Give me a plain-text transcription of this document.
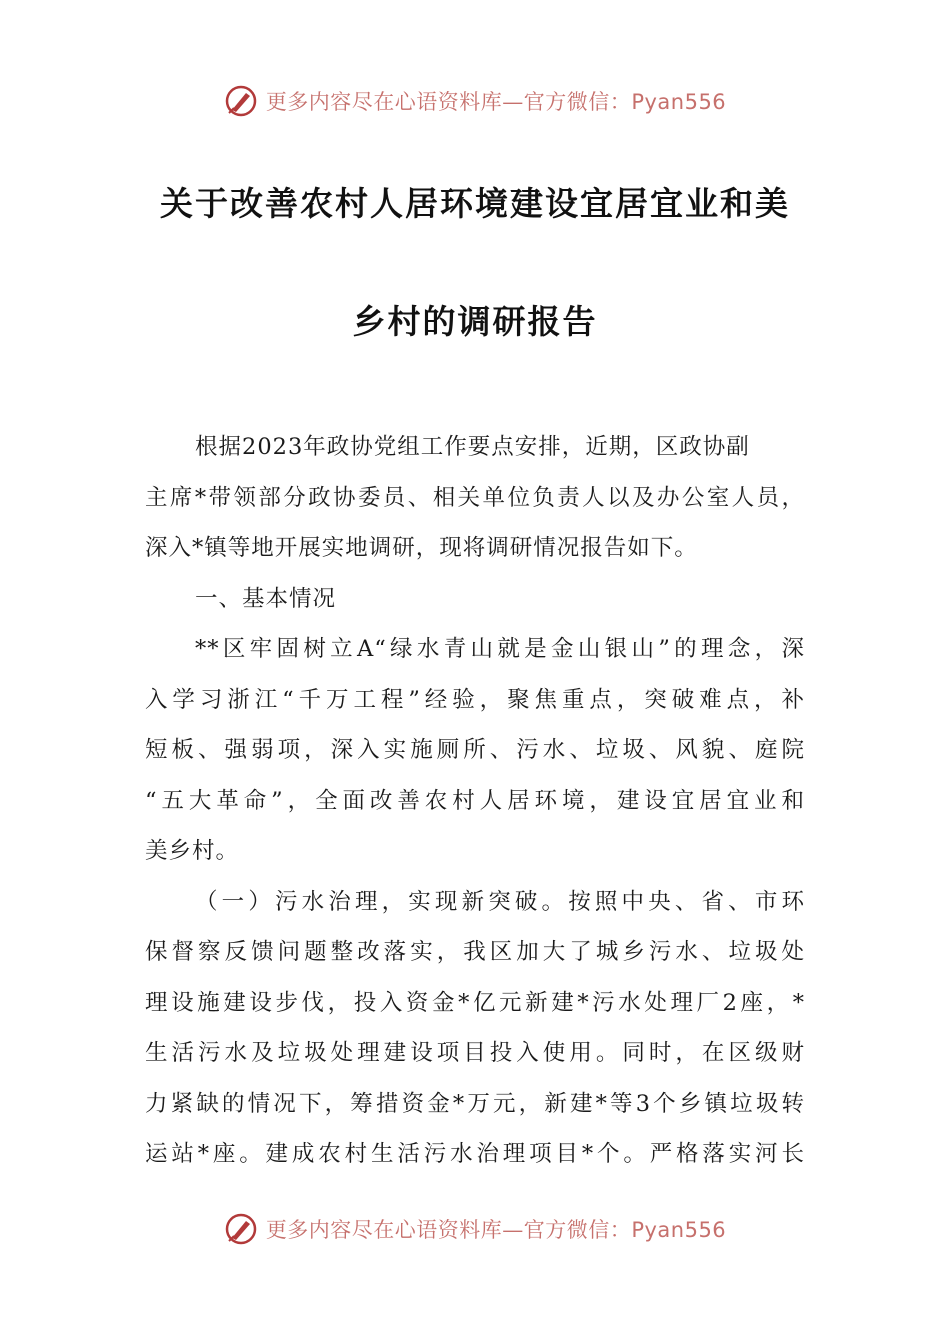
更多内容尽在心语资料库—官方微信：Pyan556
关于改善农村人居环境建设宜居宜业和美
乡村的调研报告
根据2023年政协党组工作要点安排，近期，区政协副
主席*带领部分政协委员、相关单位负责人以及办公室人员，
深入*镇等地开展实地调研，现将调研情况报告如下。
一、基本情况
**区牢固树立A“绿水青山就是金山银山”的理念，深
入学习浙江“千万工程”经验，聚焦重点，突破难点，补
短板、强弱项，深入实施厕所、污水、垃圾、风貌、庭院
“五大革命”，全面改善农村人居环境，建设宜居宜业和
美乡村。
（一）污水治理，实现新突破。按照中央、省、市环
保督察反馈问题整改落实，我区加大了城乡污水、垃圾处
理设施建设步伐，投入资金*亿元新建*污水处理厂2座，*
生活污水及垃圾处理建设项目投入使用。同时，在区级财
力紧缺的情况下，筹措资金*万元，新建*等3个乡镇垃圾转
运站*座。建成农村生活污水治理项目*个。严格落实河长
更多内容尽在心语资料库—官方微信：Pyan556
